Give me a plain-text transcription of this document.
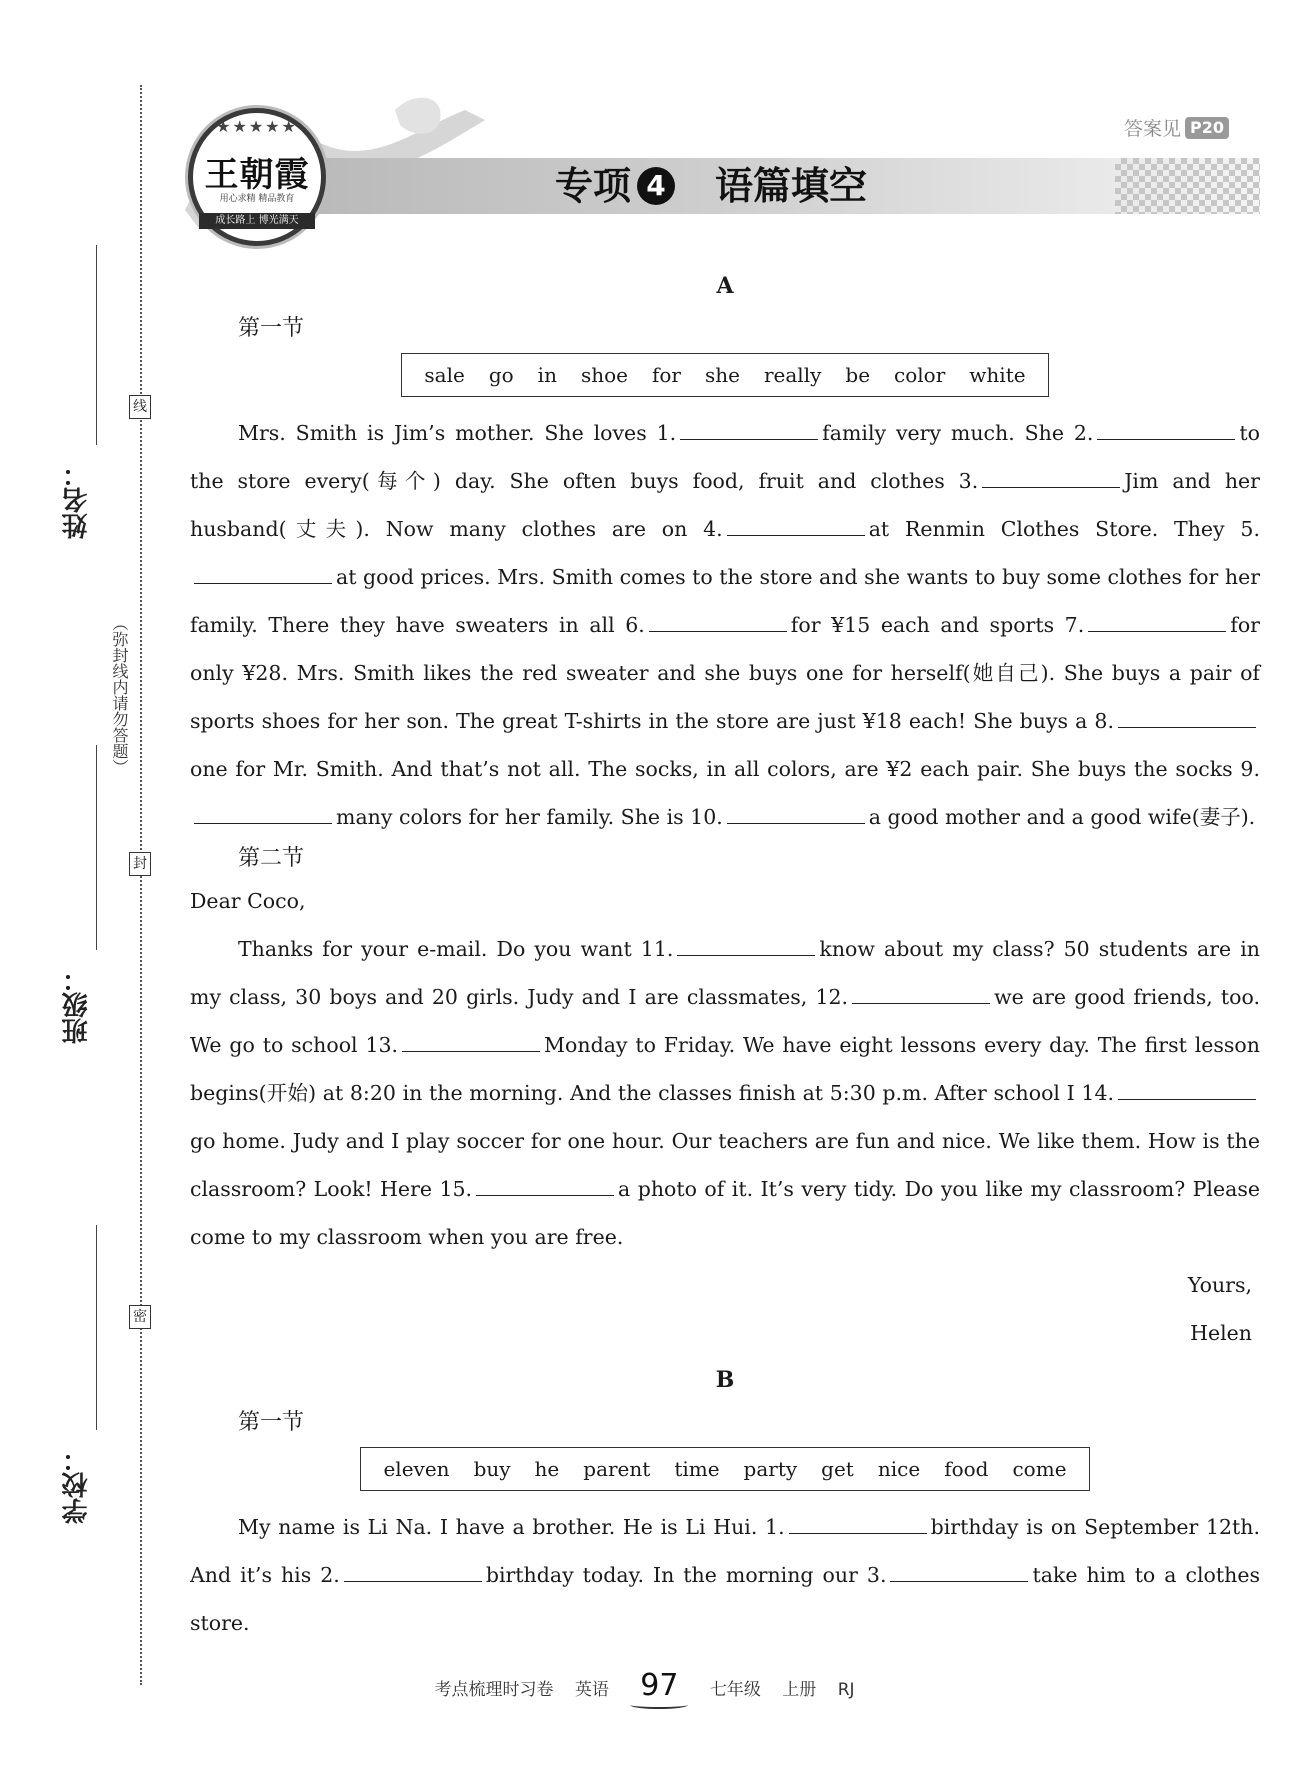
线
封
密
（弥封线内请勿答题）
姓名：
班级：
学校：
★★★★★
王朝霞
用心求精 精品教育
成长路上 博光满天
答案见 P20
专项 4 语篇填空
A
第一节
sale go in shoe for she really be color white

Mrs. Smith is Jim’s mother. She loves 1.	family very much. She 2.	to the store every(每个) day. She often buys food, fruit and clothes 3.	Jim and her husband(丈夫). Now many clothes are on 4.	at Renmin Clothes Store. They 5.at good prices. Mrs. Smith comes to the store and she wants to buy some clothes for her family. There they have sweaters in all 6.	for ¥15 each and sports 7.	for only ¥28. Mrs. Smith likes the red sweater and she buys one for herself(她自己). She buys a pair of sports shoes for her son. The great T-shirts in the store are just ¥18 each! She buys a 8.one for Mr. Smith. And that’s not all. The socks, in all colors, are ¥2 each pair. She buys the socks 9.many colors for her family. She is 10.	a good mother and a good wife(妻子).

第二节
Dear Coco,

Thanks for your e-mail. Do you want 11.	know about my class? 50 students are in my class, 30 boys and 20 girls. Judy and I are classmates, 12.	we are good friends, too. We go to school 13.	Monday to Friday. We have eight lessons every day. The first lesson begins(开始) at 8:20 in the morning. And the classes finish at 5:30 p.m. After school I 14.go home. Judy and I play soccer for one hour. Our teachers are fun and nice. We like them. How is the classroom? Look! Here 15.	a photo of it. It’s very tidy. Do you like my classroom? Please come to my classroom when you are free.

Yours,
Helen
B
第一节
eleven buy he parent time party get nice food come

My name is Li Na. I have a brother. He is Li Hui. 1.	birthday is on September 12th. And it’s his 2.	birthday today. In the morning our 3.	take him to a clothes store.

考点梳理时习卷 英语 97 七年级 上册 RJ
